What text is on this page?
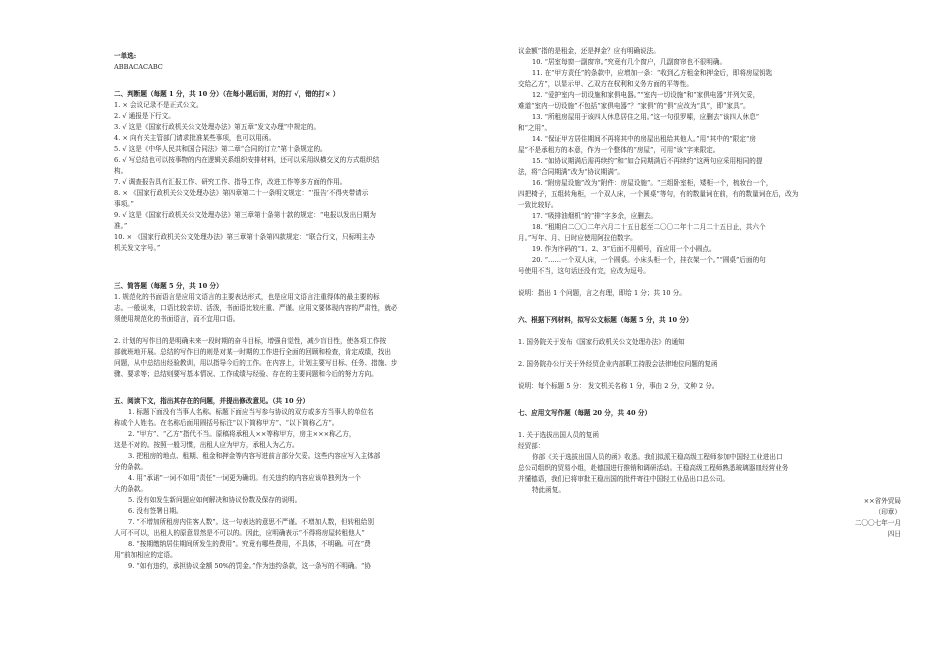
一单选:
ABBACACABC
二、判断题（每题 1 分，共 10 分）（在每小题后面，对的打 √，错的打× ）
1. × 会议记录不是正式公文。
2. √ 通报是下行文。
3. √ 这是《国家行政机关公文处理办法》第五章“发文办理”中规定的。
4. × 向有关主管部门请求批准某些事项，也可以用函。
5. √ 这是《中华人民共和国合同法》第二章“合同的订立”第十条规定的。
6. √ 写总结也可以按事物的内在逻辑关系组织安排材料，还可以采用纵横交叉的方式组织结
构。
7. √ 调查报告具有汇报工作、研究工作、指导工作，改进工作等多方面的作用。
8. × 《国家行政机关公文处理办法》第四章第二十一条明文规定：“‘报告’不得夹带请示
事项。”
9. √ 这是《国家行政机关公文处理办法》第三章第十条第十款的规定：“电报以发出日期为
准。”
10. × 《国家行政机关公文处理办法》第三章第十条第四款规定：“联合行文，只标明主办
机关发文字号。”
三、简答题（每题 5 分，共 10 分）
1. 规范化的书面语言是应用文语言的主要表达形式，也是应用文语言注重得体的最主要的标
志。一般说来，口语比较亲切、活泼，书面语比较庄重、严谨。应用文要体现内容的严肃性，就必
须使用规范化的书面语言，而不宜用口语。
2. 计划的写作目的是明确未来一段时期的奋斗目标，增强自觉性，减少盲目性，使各项工作按
部就班地开展。总结的写作目的则是对某一时期的工作进行全面的回顾和检查，肯定成绩，找出
问题，从中总结出经验教训，用以指导今后的工作。在内容上，计划主要写目标、任务、措施、步
骤、要求等；总结则要写基本情况、工作成绩与经验、存在的主要问题和今后的努力方向。
五、阅读下文，指出其存在的问题，并提出修改意见。（共 10 分）
1. 标题下面没有当事人名称。标题下面应当写参与协议的双方或多方当事人的单位名
称或个人姓名。在名称后面用圆括号标注“以下简称甲方”、“以下简称乙方”。
2. “甲方”、“乙方”指代不当。原稿将承租人××等称甲方，房主×××称乙方，
这是不对的。按照一般习惯，出租人应为甲方，承租人为乙方。
3. 把租房的地点、租期、租金和押金等内容写进前言部分欠妥。这些内容应写入主体部
分的条款。
4. 用“承诺”一词不如用“责任”一词更为确切。有关违约的内容应该单独列为一个
大的条款。
5. 没有如发生新问题应如何解决和协议份数及保存的说明。
6. 没有签署日期。
7. “不增加所租房内住客人数”。这一句表达的意思不严谨。不增加人数，但转租给别
人可不可以，出租人的原意显然是不可以的。因此，应明确表示“不得将房屋转租他人”
8. “按期缴纳居住期间所发生的费用”。究竟有哪些费用，不具体，不明确。可在“费
用”前加相应的定语。
9. “如有违约，承担协议金额 50%的罚金。”作为违约条款，这一条写的不明确。“协
议金额”指的是租金，还是押金？应有明确说法。
10. “居室每窗一副窗帘。”究竟有几个窗户，几副窗帘也不很明确。
11. 在“甲方责任”的条款中，应增加一条：“收到乙方租金和押金后，即将房屋钥匙
交给乙方”，以显示甲、乙双方在权利和义务方面的平等性。
12. “爱护室内一切设施和家俱电器。”“室内一切设施”和“家俱电器”并列欠妥，
难道“室内一切设施”不包括“家俱电器”？“家俱”的“俱”应改为“具”，即“家具”。
13. “所租房屋用于该四人休息居住之用。”这一句很罗嗦，应删去“该四人休息”
和“之用”。
14. “保证甲方居住期间不再将其中的房屋出租给其他人。”用“其中的”限定“房
屋”不是承租方的本意，作为一个整体的“房屋”，可用“该”字来限定。
15. “如协议期满后需再续约”和“如合同期满后不再续约”这两句应采用相同的提
法，将“合同期满”改为“协议期满”。
16. “附房屋设施”改为“附件：房屋设施”。“三组卧室柜，矮柜一个，梳妆台一个，
四把椅子，五组转角柜，一个双人床，一个圆桌”等句，有的数量词在前，有的数量词在后，改为
一致比较好。
17. “吸排油烟机”的“排”字多余，应删去。
18. “租期自二〇〇二年六月二十五日起至二〇〇二年十二月二十五日止，共六个
月。”写年、月、日时应使用阿拉伯数字。
19. 作为序码的“1、2、3”后面不用顿号，而应用一个小圆点。
20. “……一个双人床，一个圆桌。小床头柜一个，挂衣架一个。”“圆桌”后面的句
号使用不当，这句话还没有完，应改为逗号。
说明：指出 1 个问题，言之有理，即给 1 分；共 10 分。
六、根据下列材料，拟写公文标题（每题 5 分，共 10 分）
1. 国务院关于发布《国家行政机关公文处理办法》的通知
2. 国务院办公厅关于外经贸企业内部职工持股会法律地位问题的复函
说明：每个标题 5 分： 发文机关名称 1 分，事由 2 分，文种 2 分。
七、应用文写作题（每题 20 分，共 40 分）
1. 关于选拔出国人员的复函
经贸部：
你部《关于选拔出国人员的函》收悉。我们拟派王稳高级工程师参加中国轻工业进出口
总公司组织的贸易小组，赴德国进行推销和调研活动。王稳高级工程师熟悉玻璃器皿经营业务
并懂德语，我们已将审批王稳出国的批件寄往中国轻工业品出口总公司。
特此函复。
××省外贸局
（印章）
二〇〇七年一月
四日
